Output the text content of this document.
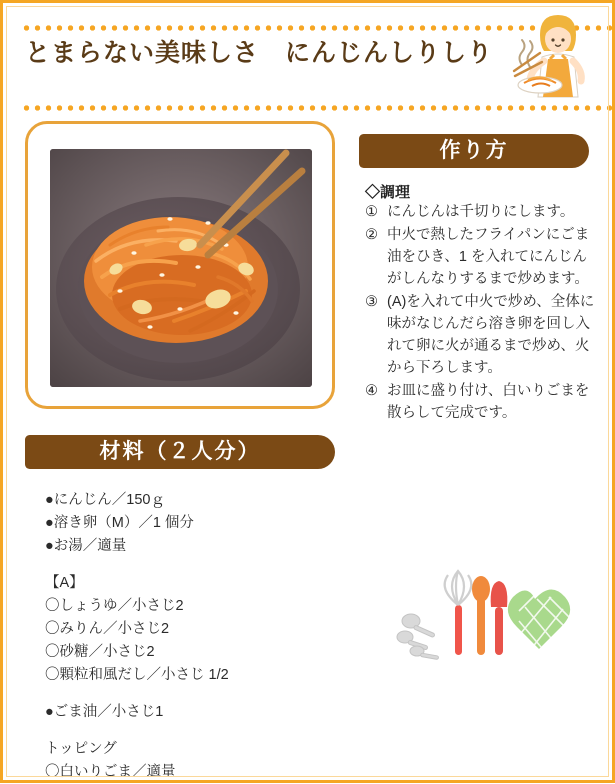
とまらない美味しさ　にんじんしりしり
材料（２人分）
●にんじん／150ｇ
●溶き卵（M）／1 個分
●お湯／適量
【A】
〇しょうゆ／小さじ2
〇みりん／小さじ2
〇砂糖／小さじ2
〇顆粒和風だし／小さじ 1/2
●ごま油／小さじ1
トッピング
〇白いりごま／適量
作り方
◇調理
① にんじんは千切りにします。
② 中火で熱したフライパンにごま油をひき、1 を入れてにんじんがしんなりするまで炒めます。
③ (A)を入れて中火で炒め、全体に味がなじんだら溶き卵を回し入れて卵に火が通るまで炒め、火から下ろします。
④ お皿に盛り付け、白いりごまを散らして完成です。
